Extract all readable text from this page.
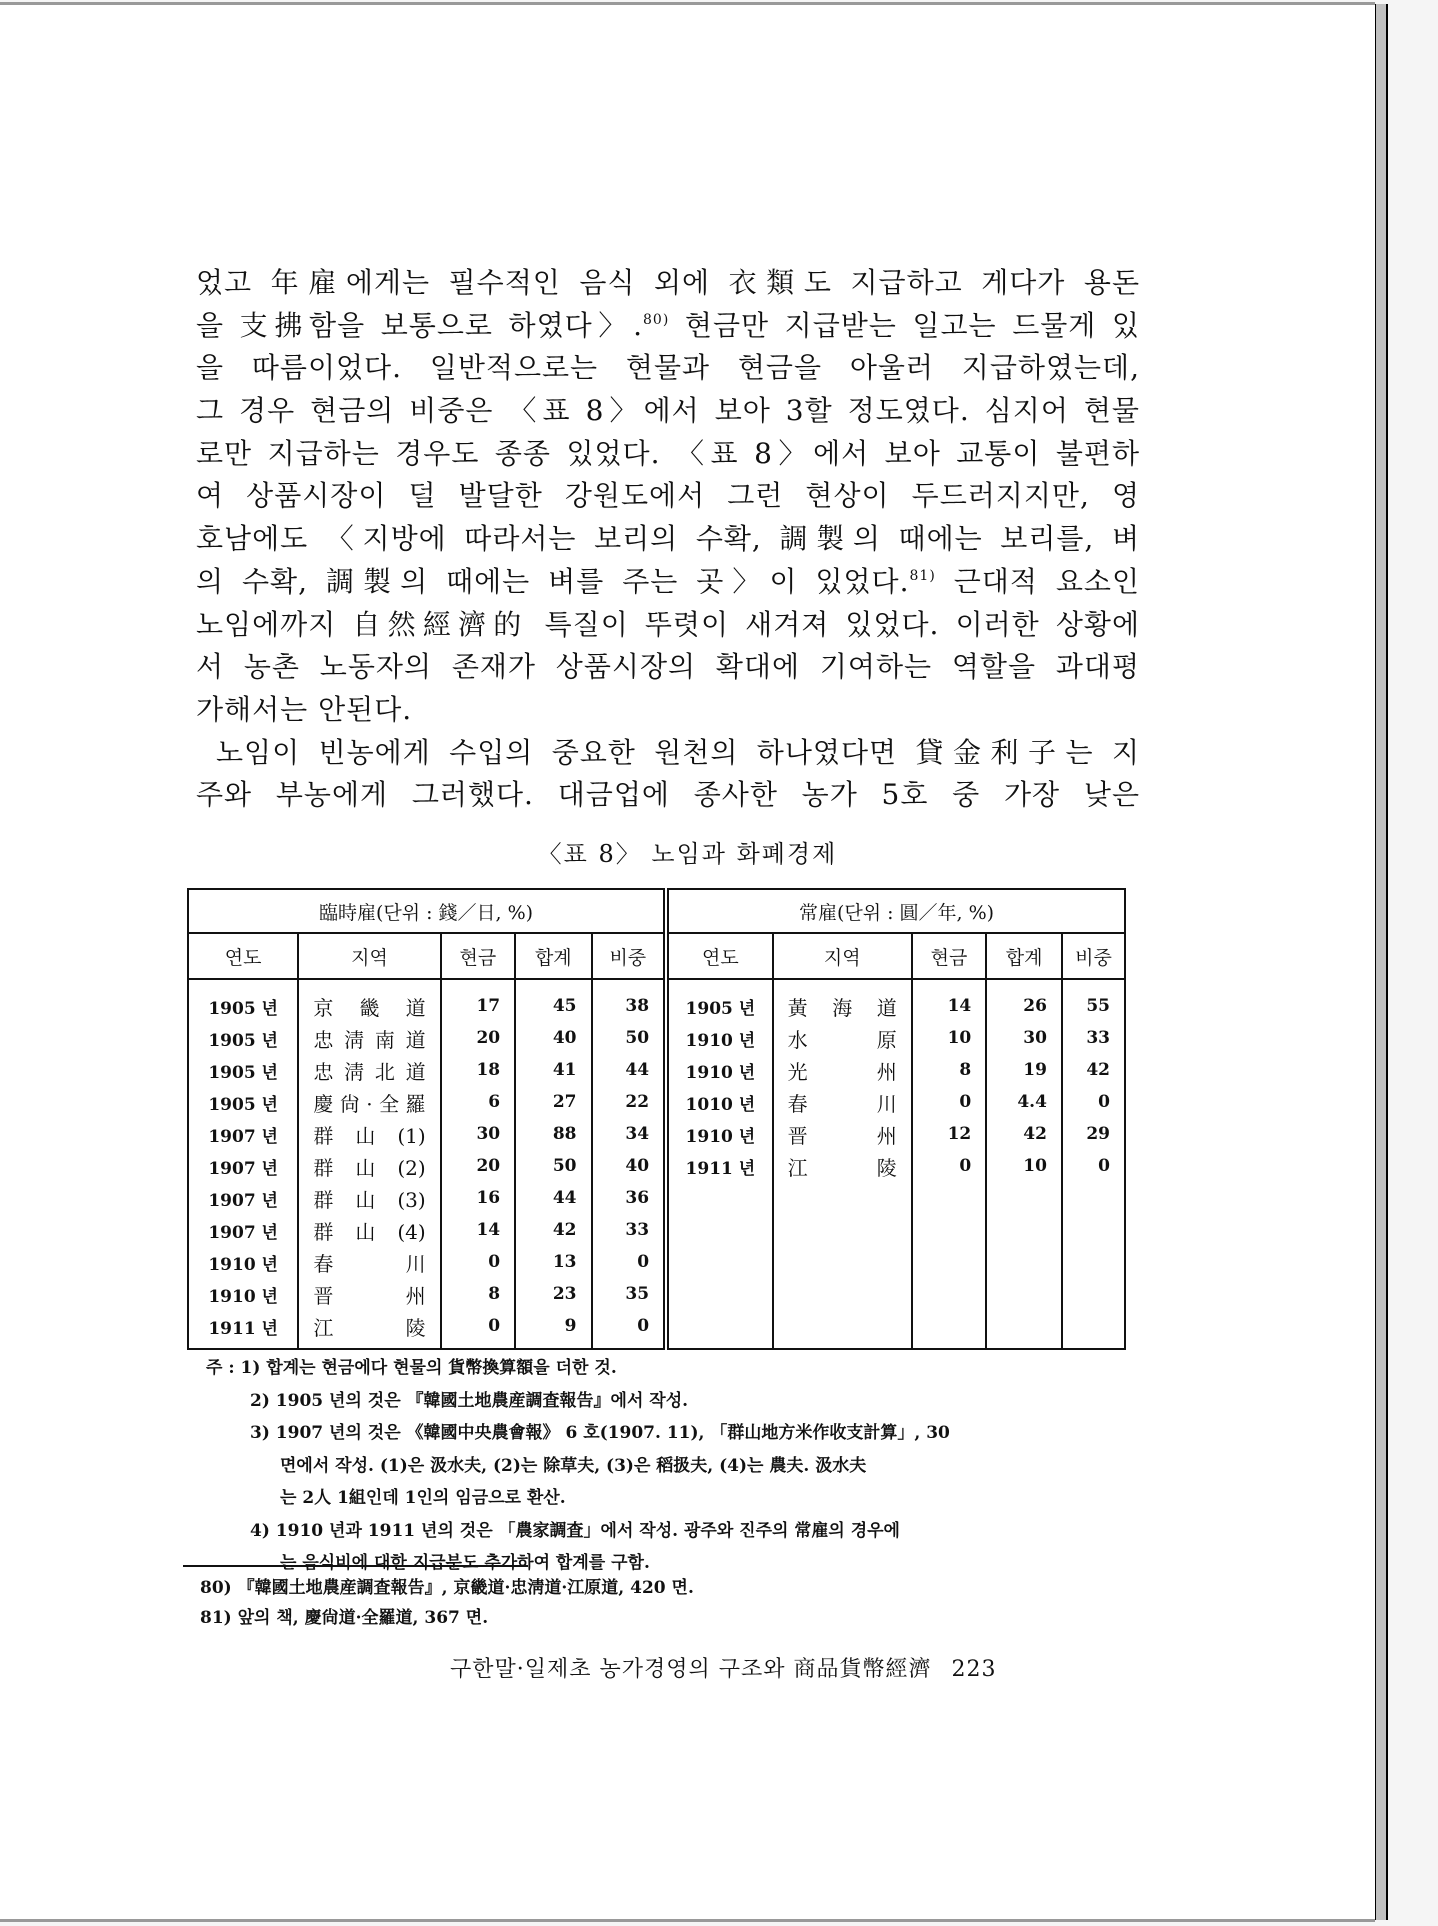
었고 年雇에게는 필수적인 음식 외에 衣類도 지급하고 게다가 용돈
을 支拂함을 보통으로 하였다〉.$^{80)}$ 현금만 지급받는 일고는 드물게 있
을 따름이었다. 일반적으로는 현물과 현금을 아울러 지급하였는데,
그 경우 현금의 비중은 〈표 8〉에서 보아 3할 정도였다. 심지어 현물
로만 지급하는 경우도 종종 있었다. 〈표 8〉에서 보아 교통이 불편하
여 상품시장이 덜 발달한 강원도에서 그런 현상이 두드러지지만, 영
호남에도 〈지방에 따라서는 보리의 수확, 調製의 때에는 보리를, 벼
의 수확, 調製의 때에는 벼를 주는 곳〉이 있었다.$^{81)}$ 근대적 요소인
노임에까지 自然經濟的 특질이 뚜렷이 새겨져 있었다. 이러한 상황에
서 농촌 노동자의 존재가 상품시장의 확대에 기여하는 역할을 과대평
가해서는 안된다.
노임이 빈농에게 수입의 중요한 원천의 하나였다면 貸金利子는 지
주와 부농에게 그러했다. 대금업에 종사한 농가 5호 중 가장 낮은
〈표 8〉 노임과 화폐경제
臨時雇(단위 : 錢／日, %)					常雇(단위 : 圓／年, %)				
연도	지역	현금	합계	비중	연도	지역	현금	합계	비중
1905 년	京 畿 道	17	45	38	1905 년	黃 海 道	14	26	55
1905 년	忠淸南道	20	40	50	1910 년	水 原	10	30	33
1905 년	忠淸北道	18	41	44	1910 년	光 州	8	19	42
1905 년	慶尙·全羅	6	27	22	1010 년	春 川	0	4.4	0
1907 년	群 山 (1)	30	88	34	1910 년	晋 州	12	42	29
1907 년	群 山 (2)	20	50	40	1911 년	江 陵	0	10	0
1907 년	群 山 (3)	16	44	36					
1907 년	群 山 (4)	14	42	33					
1910 년	春 川	0	13	0					
1910 년	晋 州	8	23	35					
1911 년	江 陵	0	9	0					
주 : 1) 합계는 현금에다 현물의 貨幣換算額을 더한 것.
2) 1905 년의 것은 『韓國土地農産調査報告』에서 작성.
3) 1907 년의 것은 《韓國中央農會報》 6 호(1907. 11), 「群山地方米作收支計算」, 30
면에서 작성. (1)은 汲水夫, (2)는 除草夫, (3)은 稻扱夫, (4)는 農夫. 汲水夫
는 2人 1組인데 1인의 임금으로 환산.
4) 1910 년과 1911 년의 것은 「農家調査」에서 작성. 광주와 진주의 常雇의 경우에
는 음식비에 대한 지급분도 추가하여 합계를 구함.
80) 『韓國土地農産調査報告』, 京畿道·忠淸道·江原道, 420 면.
81) 앞의 책, 慶尙道·全羅道, 367 면.
구한말·일제초 농가경영의 구조와 商品貨幣經濟 223
